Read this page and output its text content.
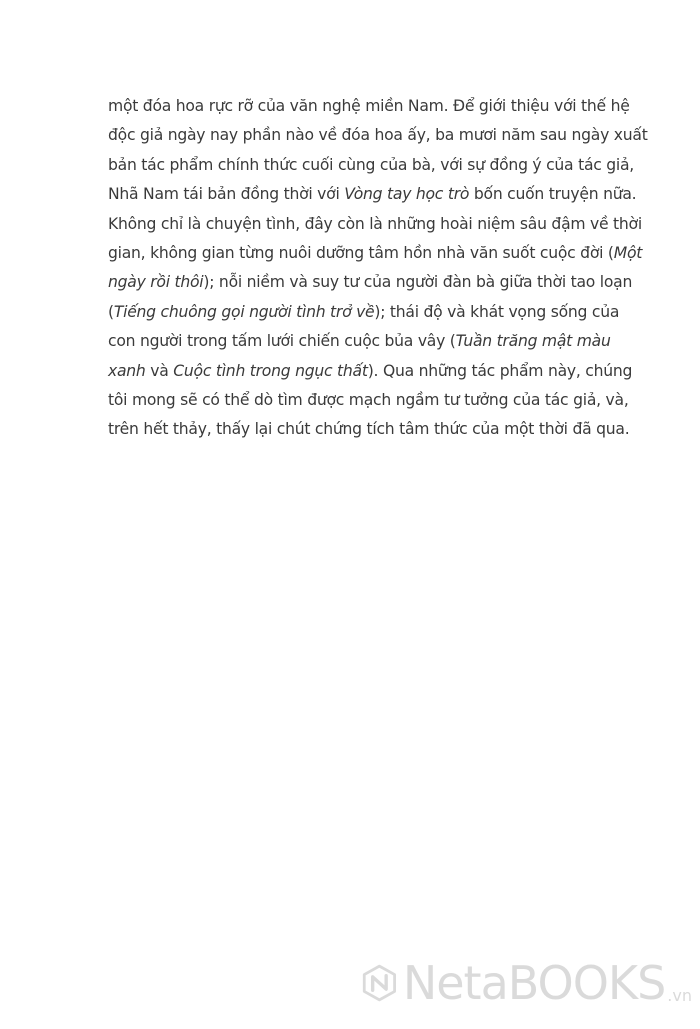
một đóa hoa rực rỡ của văn nghệ miền Nam. Để giới thiệu với thế hệ
độc giả ngày nay phần nào về đóa hoa ấy, ba mươi năm sau ngày xuất
bản tác phẩm chính thức cuối cùng của bà, với sự đồng ý của tác giả,
Nhã Nam tái bản đồng thời với Vòng tay học trò bốn cuốn truyện nữa.
Không chỉ là chuyện tình, đây còn là những hoài niệm sâu đậm về thời
gian, không gian từng nuôi dưỡng tâm hồn nhà văn suốt cuộc đời (Một
ngày rồi thôi); nỗi niềm và suy tư của người đàn bà giữa thời tao loạn
(Tiếng chuông gọi người tình trở về); thái độ và khát vọng sống của
con người trong tấm lưới chiến cuộc bủa vây (Tuần trăng mật màu
xanh và Cuộc tình trong ngục thất). Qua những tác phẩm này, chúng
tôi mong sẽ có thể dò tìm được mạch ngầm tư tưởng của tác giả, và,
trên hết thảy, thấy lại chút chứng tích tâm thức của một thời đã qua.
NetaBOOKS .vn
